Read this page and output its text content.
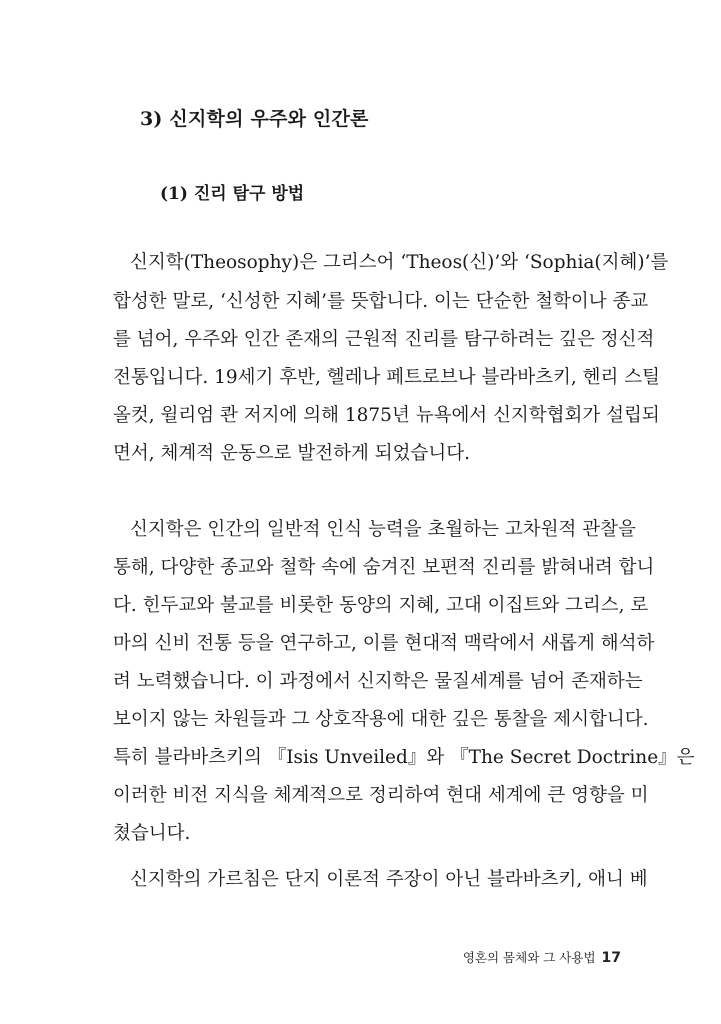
3) 신지학의 우주와 인간론
(1) 진리 탐구 방법
신지학(Theosophy)은 그리스어 ‘Theos(신)’와 ‘Sophia(지혜)’를
합성한 말로, ‘신성한 지혜’를 뜻합니다. 이는 단순한 철학이나 종교
를 넘어, 우주와 인간 존재의 근원적 진리를 탐구하려는 깊은 정신적
전통입니다. 19세기 후반, 헬레나 페트로브나 블라바츠키, 헨리 스틸
올컷, 윌리엄 콴 저지에 의해 1875년 뉴욕에서 신지학협회가 설립되
면서, 체계적 운동으로 발전하게 되었습니다.
신지학은 인간의 일반적 인식 능력을 초월하는 고차원적 관찰을
통해, 다양한 종교와 철학 속에 숨겨진 보편적 진리를 밝혀내려 합니
다. 힌두교와 불교를 비롯한 동양의 지혜, 고대 이집트와 그리스, 로
마의 신비 전통 등을 연구하고, 이를 현대적 맥락에서 새롭게 해석하
려 노력했습니다. 이 과정에서 신지학은 물질세계를 넘어 존재하는
보이지 않는 차원들과 그 상호작용에 대한 깊은 통찰을 제시합니다.
특히 블라바츠키의 『Isis Unveiled』와 『The Secret Doctrine』은
이러한 비전 지식을 체계적으로 정리하여 현대 세계에 큰 영향을 미
쳤습니다.
신지학의 가르침은 단지 이론적 주장이 아닌 블라바츠키, 애니 베
영혼의 몸체와 그 사용법 17
